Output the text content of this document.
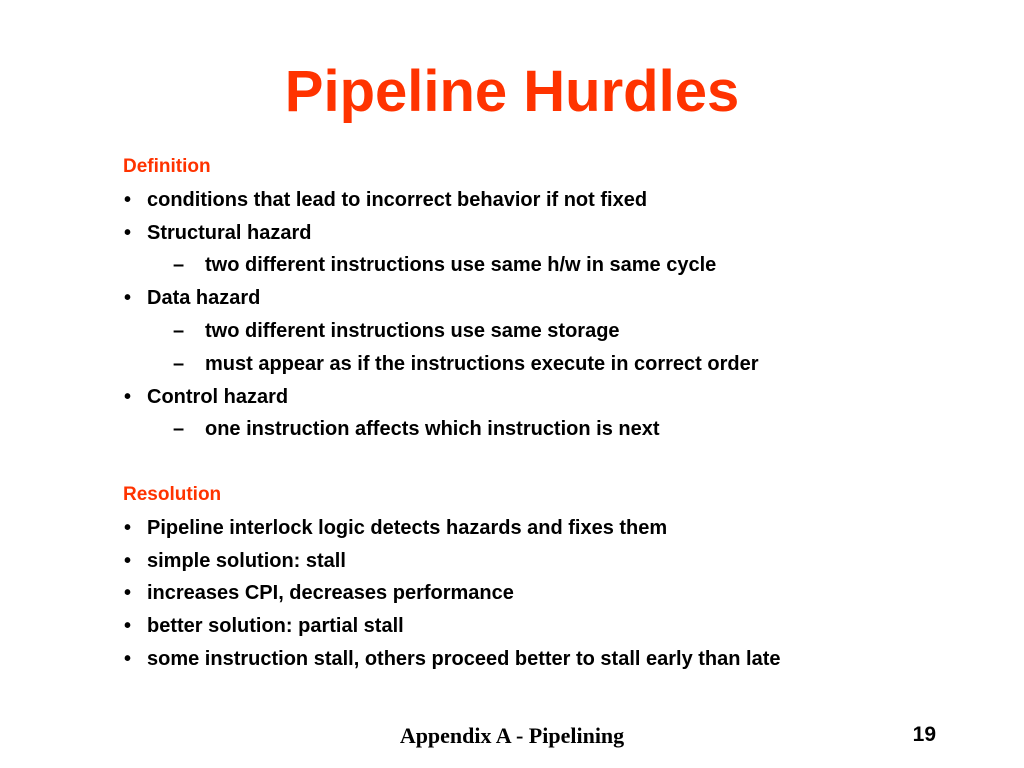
Pipeline Hurdles
Definition
• conditions that lead to incorrect behavior if not fixed
• Structural hazard
– two different instructions use same h/w in same cycle
• Data hazard
– two different instructions use same storage
– must appear as if the instructions execute in correct order
• Control hazard
– one instruction affects which instruction is next
Resolution
• Pipeline interlock logic detects hazards and fixes them
• simple solution: stall
• increases CPI, decreases performance
• better solution: partial stall
• some instruction stall, others proceed better to stall early than late
Appendix A - Pipelining	19
